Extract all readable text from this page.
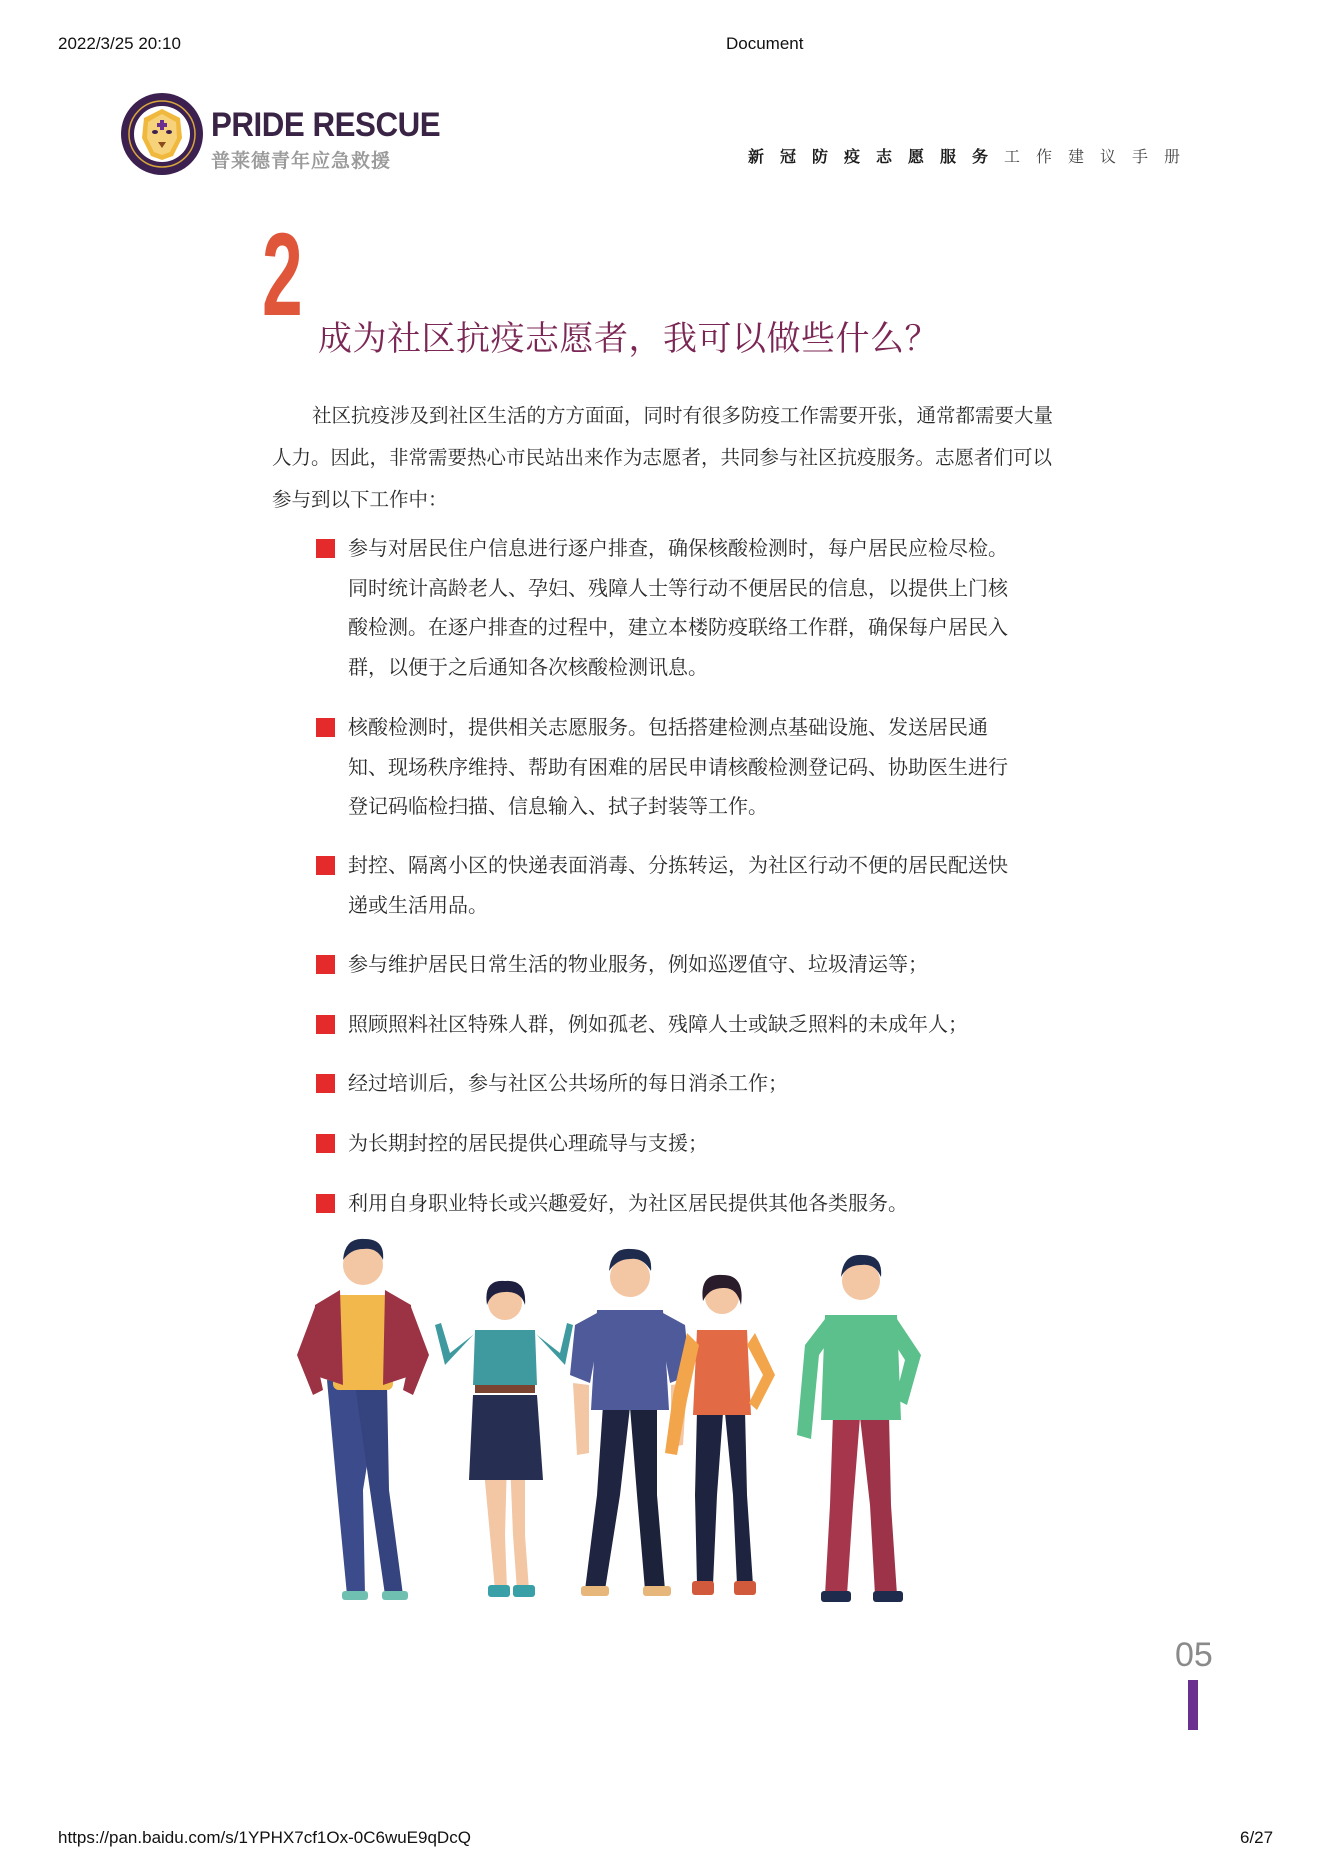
2022/3/25 20:10	Document
PRIDE RESCUE
普莱德青年应急救援	新冠防疫志愿服务工作建议手册
2 成为社区抗疫志愿者，我可以做些什么？
社区抗疫涉及到社区生活的方方面面，同时有很多防疫工作需要开张，通常都需要大量
人力。因此，非常需要热心市民站出来作为志愿者，共同参与社区抗疫服务。志愿者们可以
参与到以下工作中：
参与对居民住户信息进行逐户排查，确保核酸检测时，每户居民应检尽检。
同时统计高龄老人、孕妇、残障人士等行动不便居民的信息，以提供上门核
酸检测。在逐户排查的过程中，建立本楼防疫联络工作群，确保每户居民入
群，以便于之后通知各次核酸检测讯息。
核酸检测时，提供相关志愿服务。包括搭建检测点基础设施、发送居民通
知、现场秩序维持、帮助有困难的居民申请核酸检测登记码、协助医生进行
登记码临检扫描、信息输入、拭子封装等工作。
封控、隔离小区的快递表面消毒、分拣转运，为社区行动不便的居民配送快
递或生活用品。
参与维护居民日常生活的物业服务，例如巡逻值守、垃圾清运等；
照顾照料社区特殊人群，例如孤老、残障人士或缺乏照料的未成年人；
经过培训后，参与社区公共场所的每日消杀工作；
为长期封控的居民提供心理疏导与支援；
利用自身职业特长或兴趣爱好，为社区居民提供其他各类服务。
05
https://pan.baidu.com/s/1YPHX7cf1Ox-0C6wuE9qDcQ	6/27
